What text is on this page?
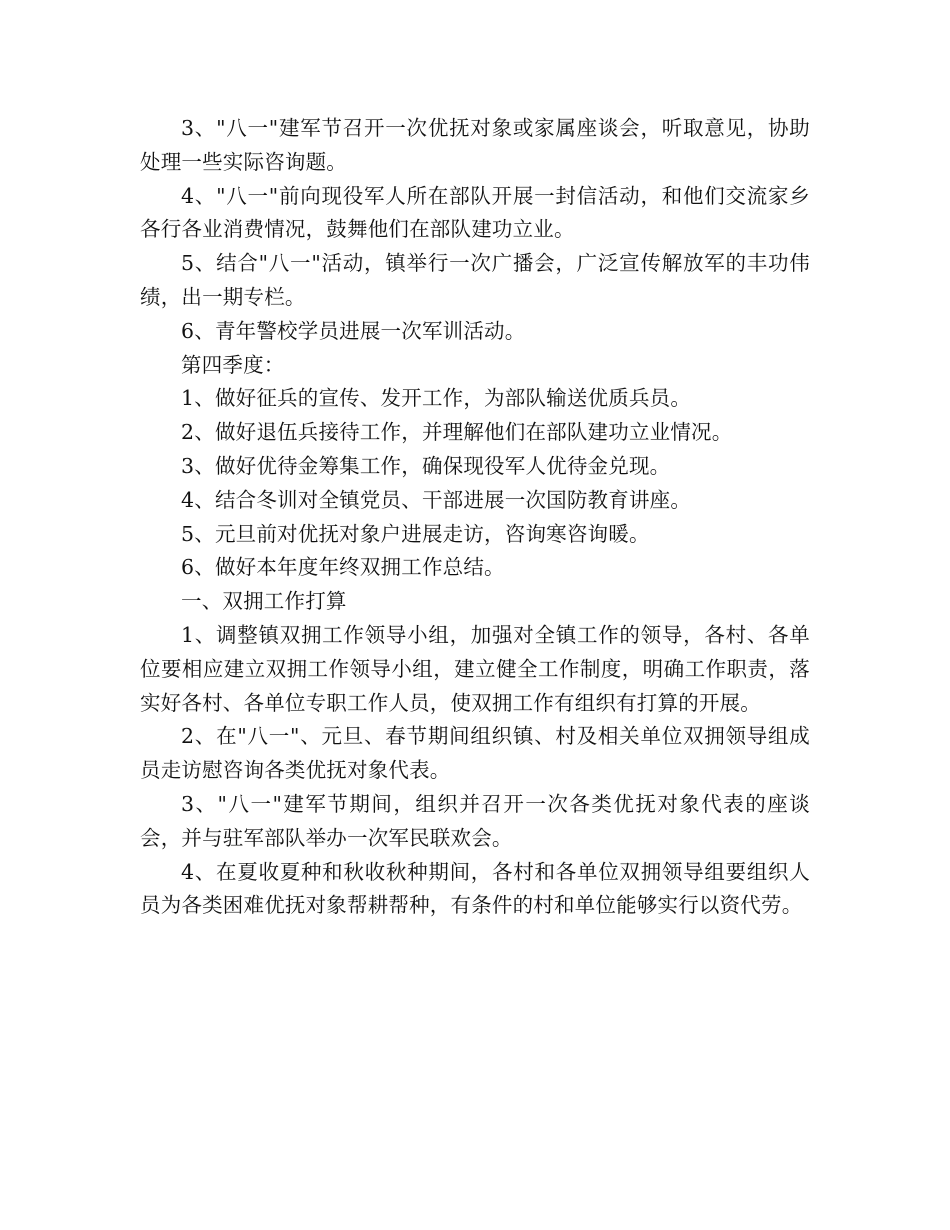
3、"八一"建军节召开一次优抚对象或家属座谈会，听取意见，协助处理一些实际咨询题。

4、"八一"前向现役军人所在部队开展一封信活动，和他们交流家乡各行各业消费情况，鼓舞他们在部队建功立业。

5、结合"八一"活动，镇举行一次广播会，广泛宣传解放军的丰功伟绩，出一期专栏。

6、青年警校学员进展一次军训活动。

第四季度：

1、做好征兵的宣传、发开工作，为部队输送优质兵员。

2、做好退伍兵接待工作，并理解他们在部队建功立业情况。

3、做好优待金筹集工作，确保现役军人优待金兑现。

4、结合冬训对全镇党员、干部进展一次国防教育讲座。

5、元旦前对优抚对象户进展走访，咨询寒咨询暖。

6、做好本年度年终双拥工作总结。

一、双拥工作打算

1、调整镇双拥工作领导小组，加强对全镇工作的领导，各村、各单位要相应建立双拥工作领导小组，建立健全工作制度，明确工作职责，落实好各村、各单位专职工作人员，使双拥工作有组织有打算的开展。

2、在"八一"、元旦、春节期间组织镇、村及相关单位双拥领导组成员走访慰咨询各类优抚对象代表。

3、"八一"建军节期间，组织并召开一次各类优抚对象代表的座谈会，并与驻军部队举办一次军民联欢会。

4、在夏收夏种和秋收秋种期间，各村和各单位双拥领导组要组织人员为各类困难优抚对象帮耕帮种，有条件的村和单位能够实行以资代劳。
